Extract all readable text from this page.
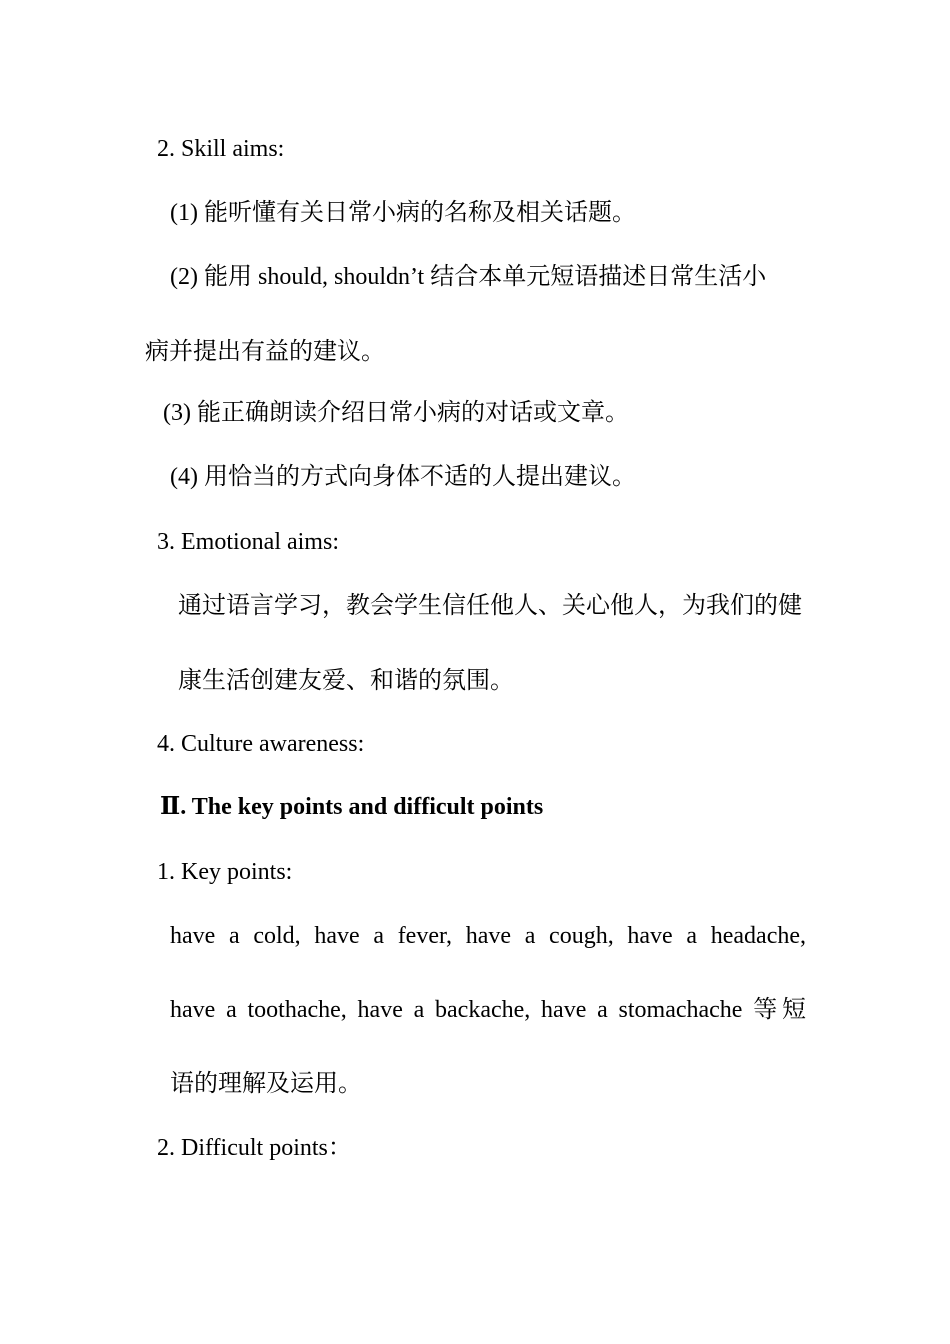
2. Skill aims:
(1) 能听懂有关日常小病的名称及相关话题。
(2) 能用 should, shouldn’t 结合本单元短语描述日常生活小
病并提出有益的建议。
(3) 能正确朗读介绍日常小病的对话或文章。
(4) 用恰当的方式向身体不适的人提出建议。
3. Emotional aims:
通过语言学习，教会学生信任他人、关心他人，为我们的健
康生活创建友爱、和谐的氛围。
4. Culture awareness:
Ⅱ. The key points and difficult points
1. Key points:
have a cold, have a fever, have a cough, have a headache,
have a toothache, have a backache, have a stomachache 等短
语的理解及运用。
2. Difficult points：
